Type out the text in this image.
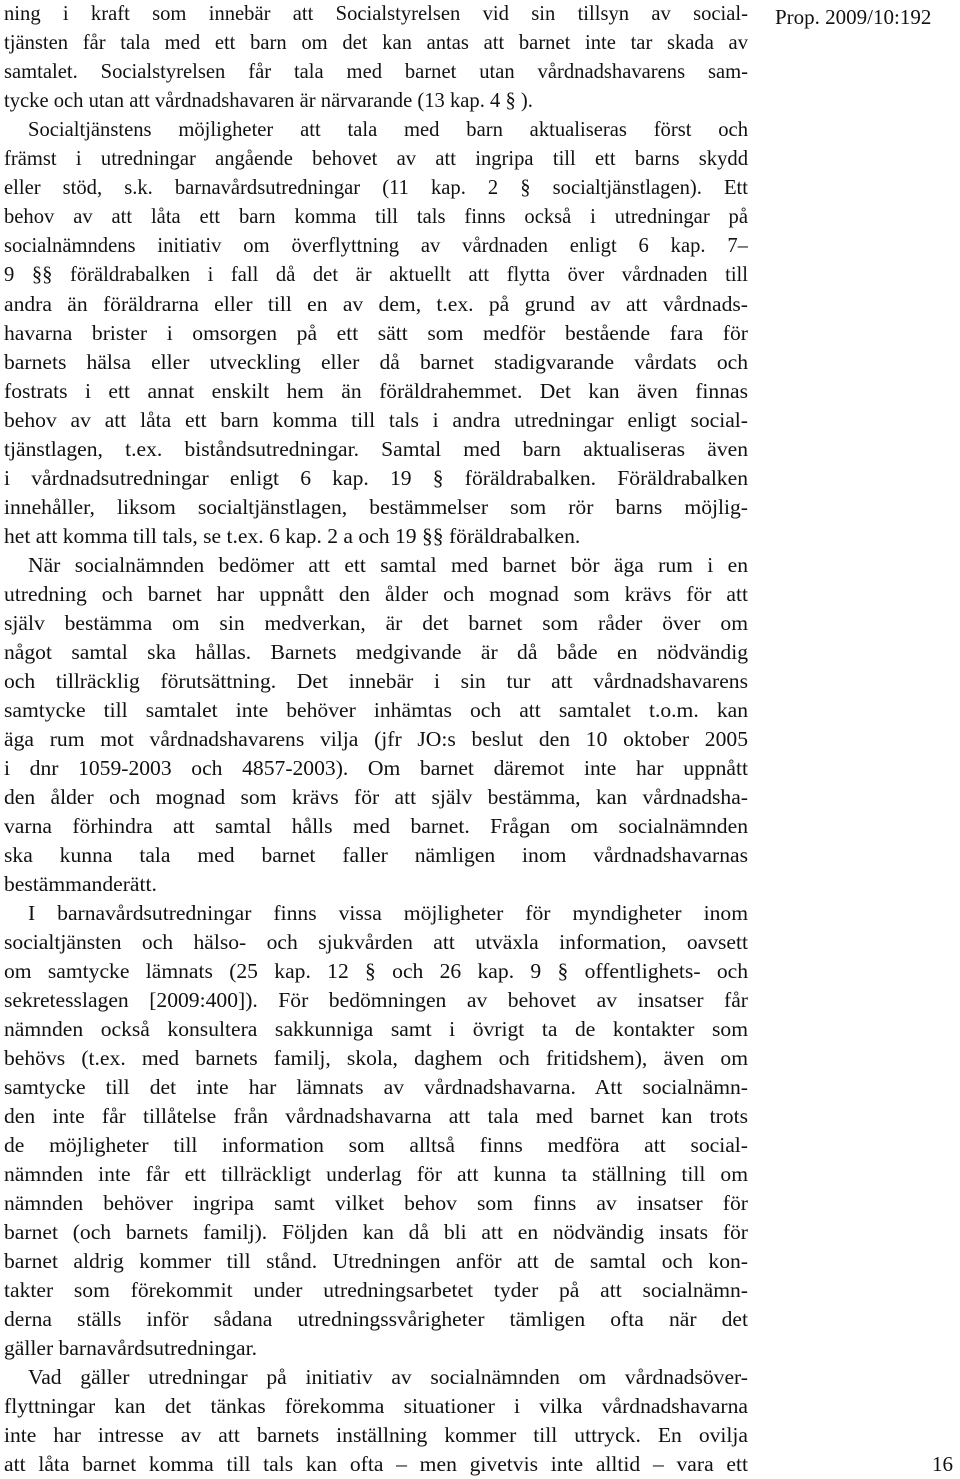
Prop. 2009/10:192
ning i kraft som innebär att Socialstyrelsen vid sin tillsyn av social-
tjänsten får tala med ett barn om det kan antas att barnet inte tar skada av
samtalet. Socialstyrelsen får tala med barnet utan vårdnadshavarens sam-
tycke och utan att vårdnadshavaren är närvarande (13 kap. 4 § ).
Socialtjänstens möjligheter att tala med barn aktualiseras först och
främst i utredningar angående behovet av att ingripa till ett barns skydd
eller stöd, s.k. barnavårdsutredningar (11 kap. 2 § socialtjänstlagen). Ett
behov av att låta ett barn komma till tals finns också i utredningar på
socialnämndens initiativ om överflyttning av vårdnaden enligt 6 kap. 7–
9 §§ föräldrabalken i fall då det är aktuellt att flytta över vårdnaden till
andra än föräldrarna eller till en av dem, t.ex. på grund av att vårdnads-
havarna brister i omsorgen på ett sätt som medför bestående fara för
barnets hälsa eller utveckling eller då barnet stadigvarande vårdats och
fostrats i ett annat enskilt hem än föräldrahemmet. Det kan även finnas
behov av att låta ett barn komma till tals i andra utredningar enligt social-
tjänstlagen, t.ex. biståndsutredningar. Samtal med barn aktualiseras även
i vårdnadsutredningar enligt 6 kap. 19 § föräldrabalken. Föräldrabalken
innehåller, liksom socialtjänstlagen, bestämmelser som rör barns möjlig-
het att komma till tals, se t.ex. 6 kap. 2 a och 19 §§ föräldrabalken.
När socialnämnden bedömer att ett samtal med barnet bör äga rum i en
utredning och barnet har uppnått den ålder och mognad som krävs för att
själv bestämma om sin medverkan, är det barnet som råder över om
något samtal ska hållas. Barnets medgivande är då både en nödvändig
och tillräcklig förutsättning. Det innebär i sin tur att vårdnadshavarens
samtycke till samtalet inte behöver inhämtas och att samtalet t.o.m. kan
äga rum mot vårdnadshavarens vilja (jfr JO:s beslut den 10 oktober 2005
i dnr 1059-2003 och 4857-2003). Om barnet däremot inte har uppnått
den ålder och mognad som krävs för att själv bestämma, kan vårdnadsha-
varna förhindra att samtal hålls med barnet. Frågan om socialnämnden
ska kunna tala med barnet faller nämligen inom vårdnadshavarnas
bestämmanderätt.
I barnavårdsutredningar finns vissa möjligheter för myndigheter inom
socialtjänsten och hälso- och sjukvården att utväxla information, oavsett
om samtycke lämnats (25 kap. 12 § och 26 kap. 9 § offentlighets- och
sekretesslagen [2009:400]). För bedömningen av behovet av insatser får
nämnden också konsultera sakkunniga samt i övrigt ta de kontakter som
behövs (t.ex. med barnets familj, skola, daghem och fritidshem), även om
samtycke till det inte har lämnats av vårdnadshavarna. Att socialnämn-
den inte får tillåtelse från vårdnadshavarna att tala med barnet kan trots
de möjligheter till information som alltså finns medföra att social-
nämnden inte får ett tillräckligt underlag för att kunna ta ställning till om
nämnden behöver ingripa samt vilket behov som finns av insatser för
barnet (och barnets familj). Följden kan då bli att en nödvändig insats för
barnet aldrig kommer till stånd. Utredningen anför att de samtal och kon-
takter som förekommit under utredningsarbetet tyder på att socialnämn-
derna ställs inför sådana utredningssvårigheter tämligen ofta när det
gäller barnavårdsutredningar.
Vad gäller utredningar på initiativ av socialnämnden om vårdnadsöver-
flyttningar kan det tänkas förekomma situationer i vilka vårdnadshavarna
inte har intresse av att barnets inställning kommer till uttryck. En ovilja
att låta barnet komma till tals kan ofta – men givetvis inte alltid – vara ett	16
